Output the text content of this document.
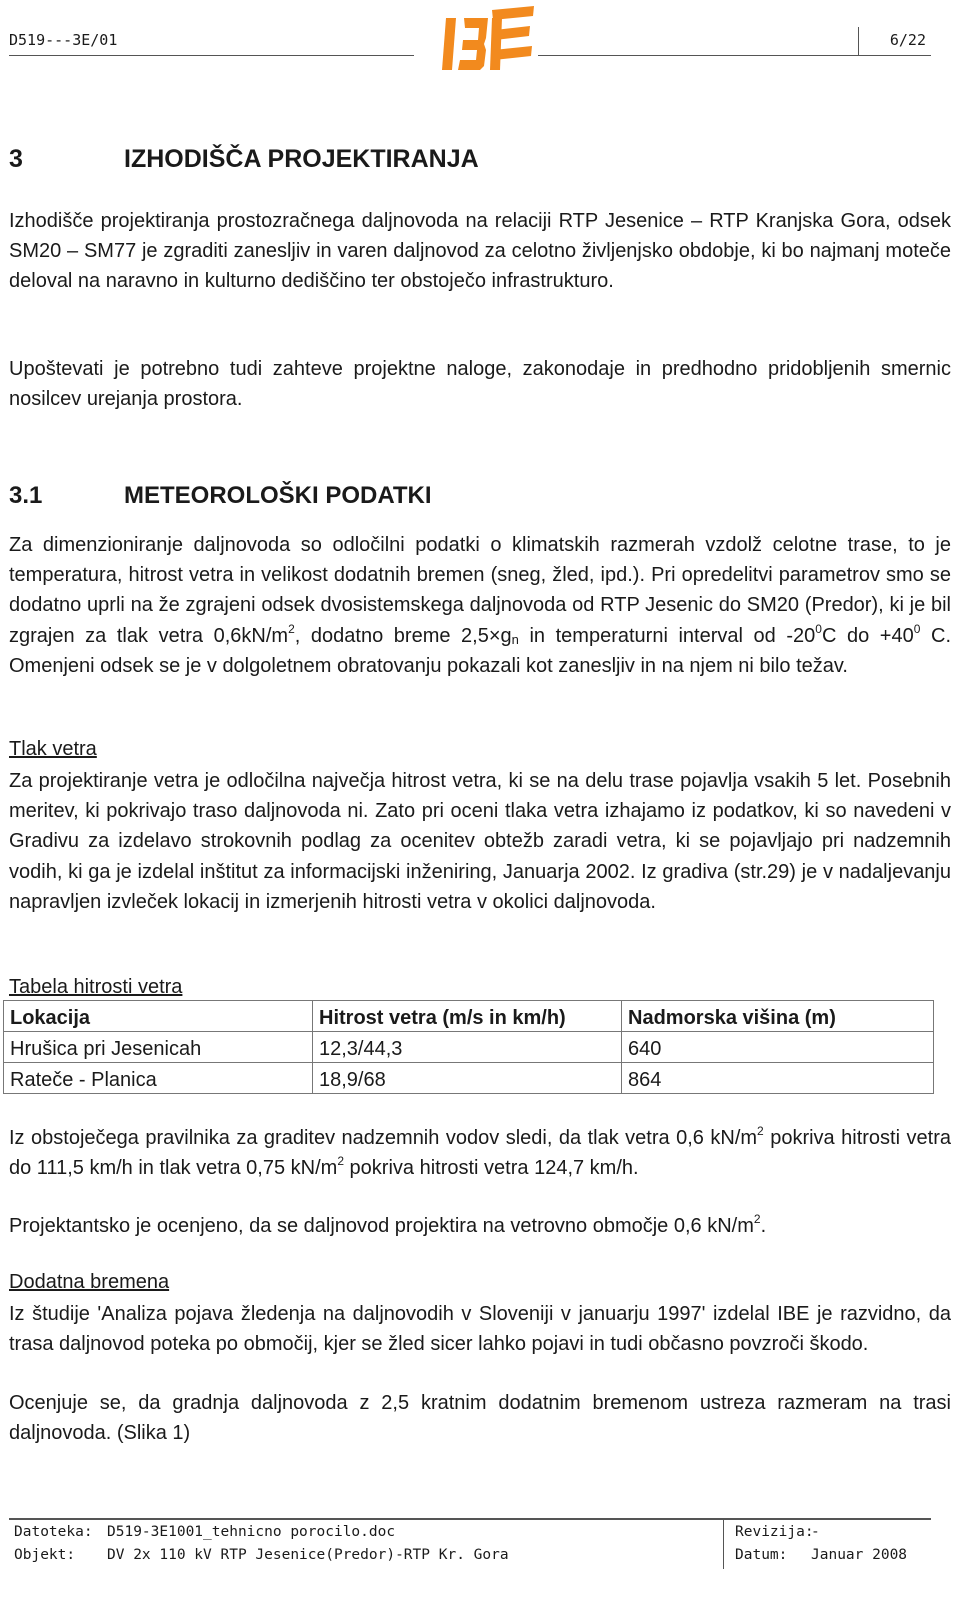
D519---3E/01	6/22
3	IZHODIŠČA PROJEKTIRANJA

Izhodišče projektiranja prostozračnega daljnovoda na relaciji RTP Jesenice – RTP Kranjska Gora, odsek SM20 – SM77 je zgraditi zanesljiv in varen daljnovod za celotno življenjsko obdobje, ki bo najmanj moteče deloval na naravno in kulturno dediščino ter obstoječo infrastrukturo.

Upoštevati je potrebno tudi zahteve projektne naloge, zakonodaje in predhodno pridobljenih smernic nosilcev urejanja prostora.

3.1	METEOROLOŠKI PODATKI

Za dimenzioniranje daljnovoda so odločilni podatki o klimatskih razmerah vzdolž celotne trase, to je temperatura, hitrost vetra in velikost dodatnih bremen (sneg, žled, ipd.). Pri opredelitvi parametrov smo se dodatno uprli na že zgrajeni odsek dvosistemskega daljnovoda od RTP Jesenic do SM20 (Predor), ki je bil zgrajen za tlak vetra $0,6kN/m^2$, dodatno breme $2,5\times g_n$ in temperaturni interval od $-20^0C$ do $+40^0$ C. Omenjeni odsek se je v dolgoletnem obratovanju pokazali kot zanesljiv in na njem ni bilo težav.

Tlak vetra

Za projektiranje vetra je odločilna največja hitrost vetra, ki se na delu trase pojavlja vsakih 5 let. Posebnih meritev, ki pokrivajo traso daljnovoda ni. Zato pri oceni tlaka vetra izhajamo iz podatkov, ki so navedeni v Gradivu za izdelavo strokovnih podlag za ocenitev obtežb zaradi vetra, ki se pojavljajo pri nadzemnih vodih, ki ga je izdelal inštitut za informacijski inženiring, Januarja 2002. Iz gradiva (str.29) je v nadaljevanju napravljen izvleček lokacij in izmerjenih hitrosti vetra v okolici daljnovoda.

Tabela hitrosti vetra
Lokacija	Hitrost vetra (m/s in km/h)	Nadmorska višina (m)
Hrušica pri Jesenicah	12,3/44,3	640
Rateče - Planica	18,9/68	864

Iz obstoječega pravilnika za graditev nadzemnih vodov sledi, da tlak vetra 0,6 $kN/m^2$ pokriva hitrosti vetra do 111,5 km/h in tlak vetra 0,75 $kN/m^2$ pokriva hitrosti vetra 124,7 km/h.

Projektantsko je ocenjeno, da se daljnovod projektira na vetrovno območje 0,6 $kN/m^2$.

Dodatna bremena

Iz študije 'Analiza pojava žledenja na daljnovodih v Sloveniji v januarju 1997' izdelal IBE je razvidno, da trasa daljnovod poteka po območij, kjer se žled sicer lahko pojavi in tudi občasno povzroči škodo.

Ocenjuje se, da gradnja daljnovoda z 2,5 kratnim dodatnim bremenom ustreza razmeram na trasi daljnovoda. (Slika 1)

Datoteka: D519-3E1001_tehnicno porocilo.doc
Objekt: DV 2x 110 kV RTP Jesenice(Predor)-RTP Kr. Gora
Revizija:
-
Datum: Januar 2008
